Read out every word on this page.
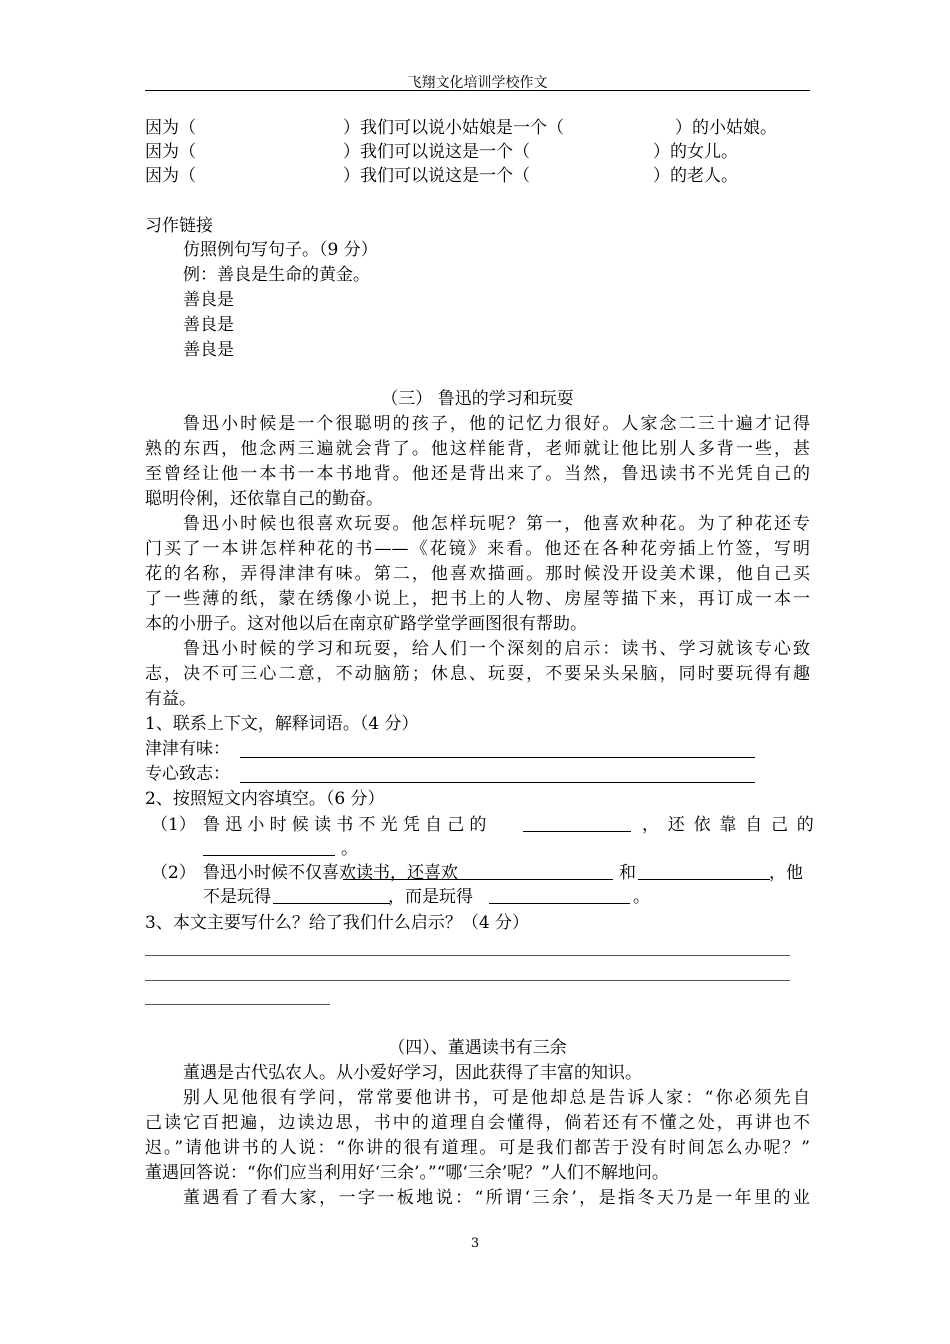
飞翔文化培训学校作文
因为（	）我们可以说小姑娘是一个（	）的小姑娘。
因为（	）我们可以说这是一个（	）的女儿。
因为（	）我们可以说这是一个（	）的老人。
习作链接
仿照例句写句子。（9 分）
例：善良是生命的黄金。
善良是
善良是
善良是
（三） 鲁迅的学习和玩耍
鲁迅小时候是一个很聪明的孩子，他的记忆力很好。人家念二三十遍才记得
熟的东西，他念两三遍就会背了。他这样能背，老师就让他比别人多背一些，甚
至曾经让他一本书一本书地背。他还是背出来了。当然，鲁迅读书不光凭自己的
聪明伶俐，还依靠自己的勤奋。
鲁迅小时候也很喜欢玩耍。他怎样玩呢？第一，他喜欢种花。为了种花还专
门买了一本讲怎样种花的书——《花镜》来看。他还在各种花旁插上竹签，写明
花的名称，弄得津津有味。第二，他喜欢描画。那时候没开设美术课，他自己买
了一些薄的纸，蒙在绣像小说上，把书上的人物、房屋等描下来，再订成一本一
本的小册子。这对他以后在南京矿路学堂学画图很有帮助。
鲁迅小时候的学习和玩耍，给人们一个深刻的启示：读书、学习就该专心致
志，决不可三心二意，不动脑筋；休息、玩耍，不要呆头呆脑，同时要玩得有趣
有益。
1、联系上下文，解释词语。（4 分）
津津有味：
专心致志：
2、按照短文内容填空。（6 分）
（1） 鲁迅小时候读书不光凭自己的	，还依靠自己的
。
（2） 鲁迅小时候不仅喜欢读书，还喜欢	和	，他
不是玩得	，而是玩得	。
3、本文主要写什么？给了我们什么启示？（4 分）
（四）、董遇读书有三余
董遇是古代弘农人。从小爱好学习，因此获得了丰富的知识。
别人见他很有学问，常常要他讲书，可是他却总是告诉人家：“你必须先自
己读它百把遍，边读边思，书中的道理自会懂得，倘若还有不懂之处，再讲也不
迟。”请他讲书的人说：“你讲的很有道理。可是我们都苦于没有时间怎么办呢？”
董遇回答说：“你们应当利用好‘三余’。”“哪‘三余’呢？”人们不解地问。
董遇看了看大家，一字一板地说：“所谓‘三余’，是指冬天乃是一年里的业
3
